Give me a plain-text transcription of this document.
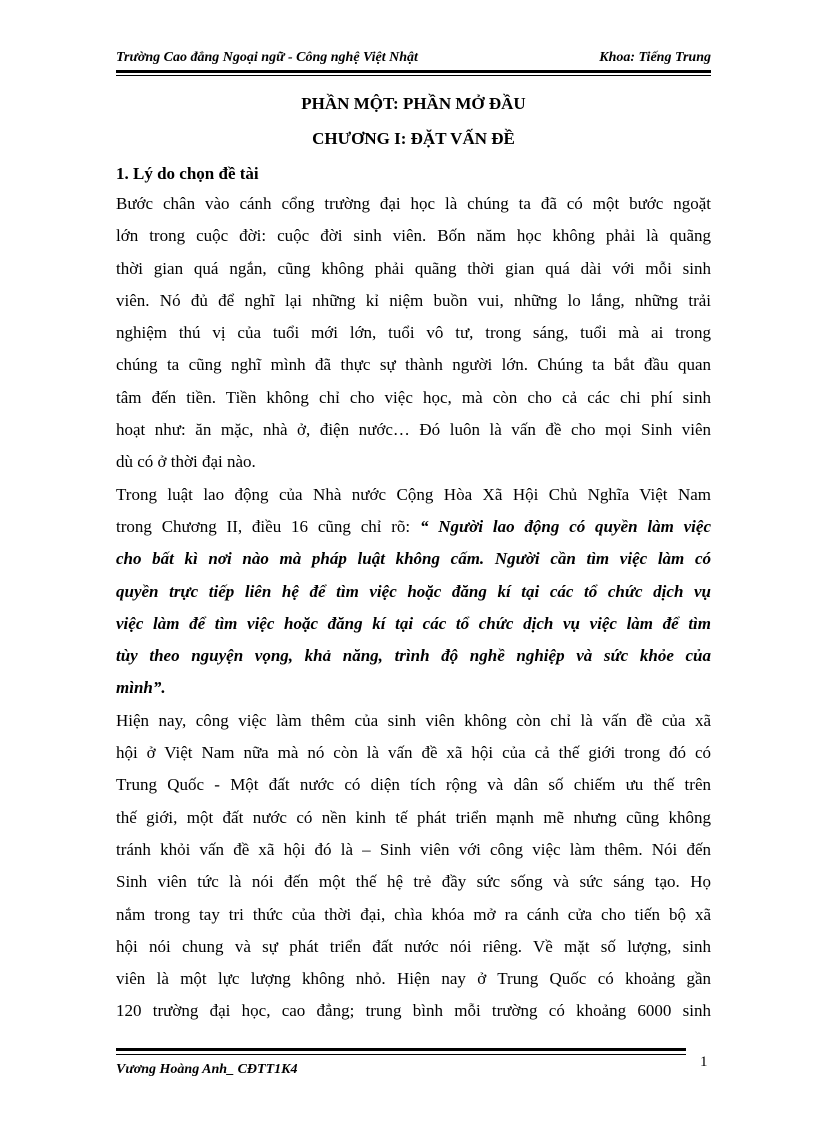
Trường Cao đẳng Ngoại ngữ - Công nghệ Việt Nhật	Khoa: Tiếng Trung
PHẦN MỘT: PHẦN MỞ ĐẦU
CHƯƠNG I: ĐẶT VẤN ĐỀ
1. Lý do chọn đề tài
Bước chân vào cánh cổng trường đại học là chúng ta đã có một bước ngoặt
lớn trong cuộc đời: cuộc đời sinh viên. Bốn năm học không phải là quãng
thời gian quá ngắn, cũng không phải quãng thời gian quá dài với mỗi sinh
viên. Nó đủ để nghĩ lại những kỉ niệm buồn vui, những lo lắng, những trải
nghiệm thú vị của tuổi mới lớn, tuổi vô tư, trong sáng, tuổi mà ai trong
chúng ta cũng nghĩ mình đã thực sự thành người lớn. Chúng ta bắt đầu quan
tâm đến tiền. Tiền không chỉ cho việc học, mà còn cho cả các chi phí sinh
hoạt như: ăn mặc, nhà ở, điện nước… Đó luôn là vấn đề cho mọi Sinh viên
dù có ở thời đại nào.
Trong luật lao động của Nhà nước Cộng Hòa Xã Hội Chủ Nghĩa Việt Nam
trong Chương II, điều 16 cũng chỉ rõ: “ Người lao động có quyền làm việc
cho bất kì nơi nào mà pháp luật không cấm. Người cần tìm việc làm có
quyền trực tiếp liên hệ để tìm việc hoặc đăng kí tại các tổ chức dịch vụ
việc làm để tìm việc hoặc đăng kí tại các tổ chức dịch vụ việc làm để tìm
tùy theo nguyện vọng, khả năng, trình độ nghề nghiệp và sức khỏe của
mình”.
Hiện nay, công việc làm thêm của sinh viên không còn chỉ là vấn đề của xã
hội ở Việt Nam nữa mà nó còn là vấn đề xã hội của cả thế giới trong đó có
Trung Quốc - Một đất nước có diện tích rộng và dân số chiếm ưu thế trên
thế giới, một đất nước có nền kinh tế phát triển mạnh mẽ nhưng cũng không
tránh khỏi vấn đề xã hội đó là – Sinh viên với công việc làm thêm. Nói đến
Sinh viên tức là nói đến một thế hệ trẻ đầy sức sống và sức sáng tạo. Họ
nắm trong tay tri thức của thời đại, chìa khóa mở ra cánh cửa cho tiến bộ xã
hội nói chung và sự phát triển đất nước nói riêng. Về mặt số lượng, sinh
viên là một lực lượng không nhỏ. Hiện nay ở Trung Quốc có khoảng gần
120 trường đại học, cao đẳng; trung bình mỗi trường có khoảng 6000 sinh
Vương Hoàng Anh_ CĐTT1K4	1
